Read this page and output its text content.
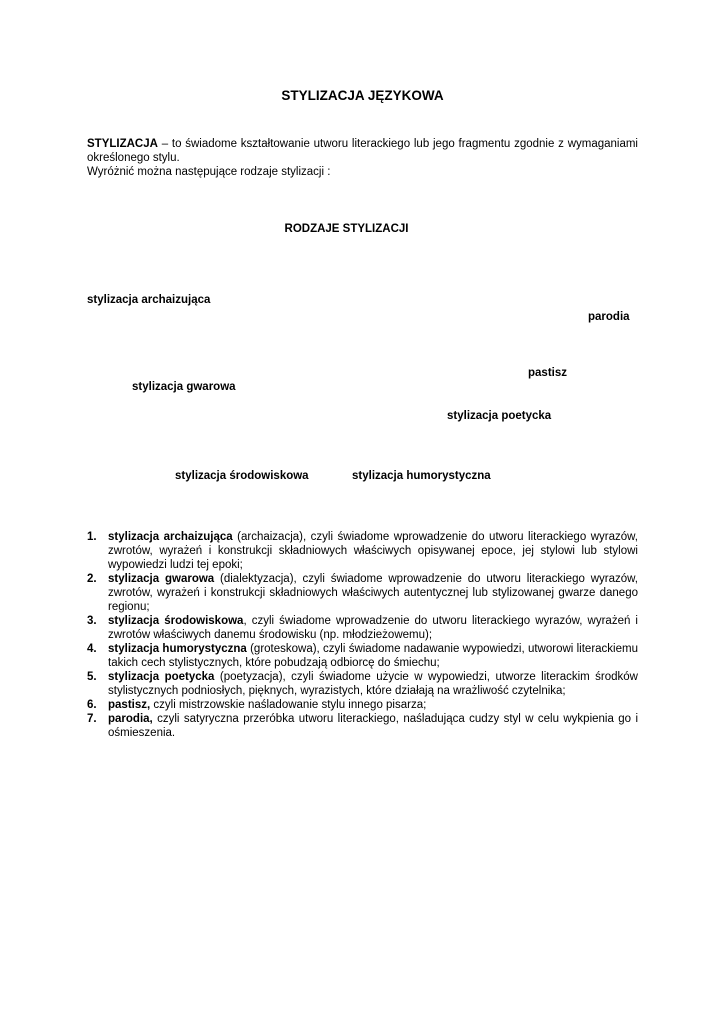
STYLIZACJA JĘZYKOWA

STYLIZACJA – to świadome kształtowanie utworu literackiego lub jego fragmentu zgodnie z wymaganiami określonego stylu.

Wyróżnić można następujące rodzaje stylizacji :

RODZAJE STYLIZACJI
stylizacja archaizująca
parodia
pastisz
stylizacja gwarowa
stylizacja poetycka
stylizacja środowiskowa	stylizacja humorystyczna
1. stylizacja archaizująca (archaizacja), czyli świadome wprowadzenie do utworu literackiego wyrazów, zwrotów, wyrażeń i konstrukcji składniowych właściwych opisywanej epoce, jej stylowi lub stylowi wypowiedzi ludzi tej epoki;
2. stylizacja gwarowa (dialektyzacja), czyli świadome wprowadzenie do utworu literackiego wyrazów, zwrotów, wyrażeń i konstrukcji składniowych właściwych autentycznej lub stylizowanej gwarze danego regionu;
3. stylizacja środowiskowa, czyli świadome wprowadzenie do utworu literackiego wyrazów, wyrażeń i zwrotów właściwych danemu środowisku (np. młodzieżowemu);
4. stylizacja humorystyczna (groteskowa), czyli świadome nadawanie wypowiedzi, utworowi literackiemu takich cech stylistycznych, które pobudzają odbiorcę do śmiechu;
5. stylizacja poetycka (poetyzacja), czyli świadome użycie w wypowiedzi, utworze literackim środków stylistycznych podniosłych, pięknych, wyrazistych, które działają na wrażliwość czytelnika;
6. pastisz, czyli mistrzowskie naśladowanie stylu innego pisarza;
7. parodia, czyli satyryczna przeróbka utworu literackiego, naśladująca cudzy styl w celu wykpienia go i ośmieszenia.
